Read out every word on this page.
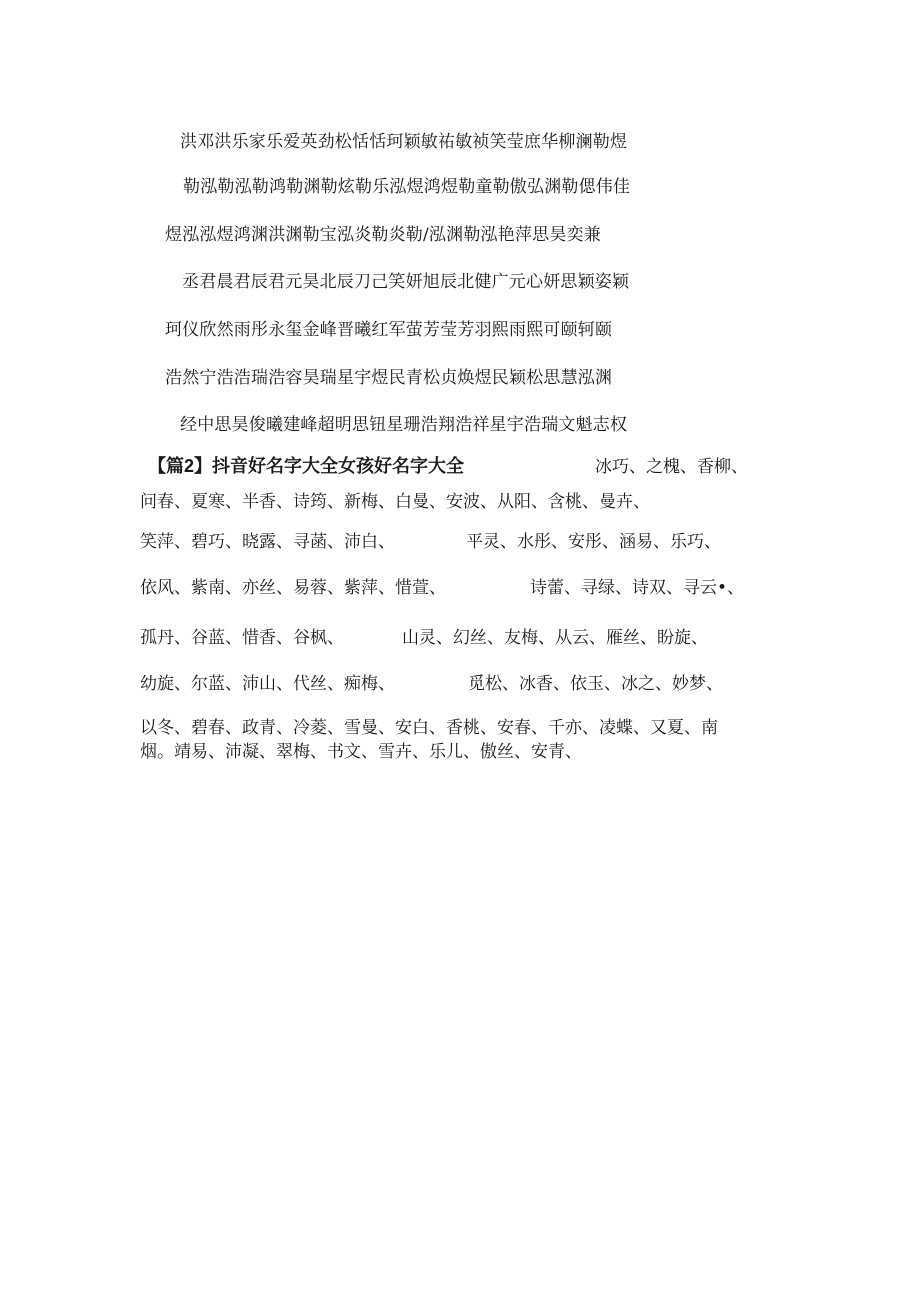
洪邓洪乐家乐爱英劲松恬恬珂颖敏祐敏祯笑莹庶华柳澜勒煜
勒泓勒泓勒鸿勒渊勒炫勒乐泓煜鸿煜勒童勒傲弘渊勒偲伟佳
煜泓泓煜鸿渊洪渊勒宝泓炎勒炎勒/泓渊勒泓艳萍思昊奕兼
丞君晨君辰君元昊北辰刀己笑妍旭辰北健广元心妍思颖姿颖
珂仪欣然雨彤永玺金峰晋曦红军萤芳莹芳羽熙雨熙可颐轲颐
浩然宁浩浩瑞浩容昊瑞星宇煜民青松贞焕煜民颖松思慧泓渊
经中思昊俊曦建峰超明思钮星珊浩翔浩祥星宇浩瑞文魁志权
【篇2】抖音好名字大全女孩好名字大全	冰巧、之槐、香柳、
问春、夏寒、半香、诗筠、新梅、白曼、安波、从阳、含桃、曼卉、
笑萍、碧巧、晓露、寻菡、沛白、	平灵、水彤、安彤、涵易、乐巧、
依风、紫南、亦丝、易蓉、紫萍、惜萱、	诗蕾、寻绿、诗双、寻云•、
孤丹、谷蓝、惜香、谷枫、	山灵、幻丝、友梅、从云、雁丝、盼旋、
幼旋、尔蓝、沛山、代丝、痴梅、	觅松、冰香、依玉、冰之、妙梦、
以冬、碧春、政青、冷菱、雪曼、安白、香桃、安春、千亦、凌蝶、又夏、南
烟。靖易、沛凝、翠梅、书文、雪卉、乐儿、傲丝、安青、
